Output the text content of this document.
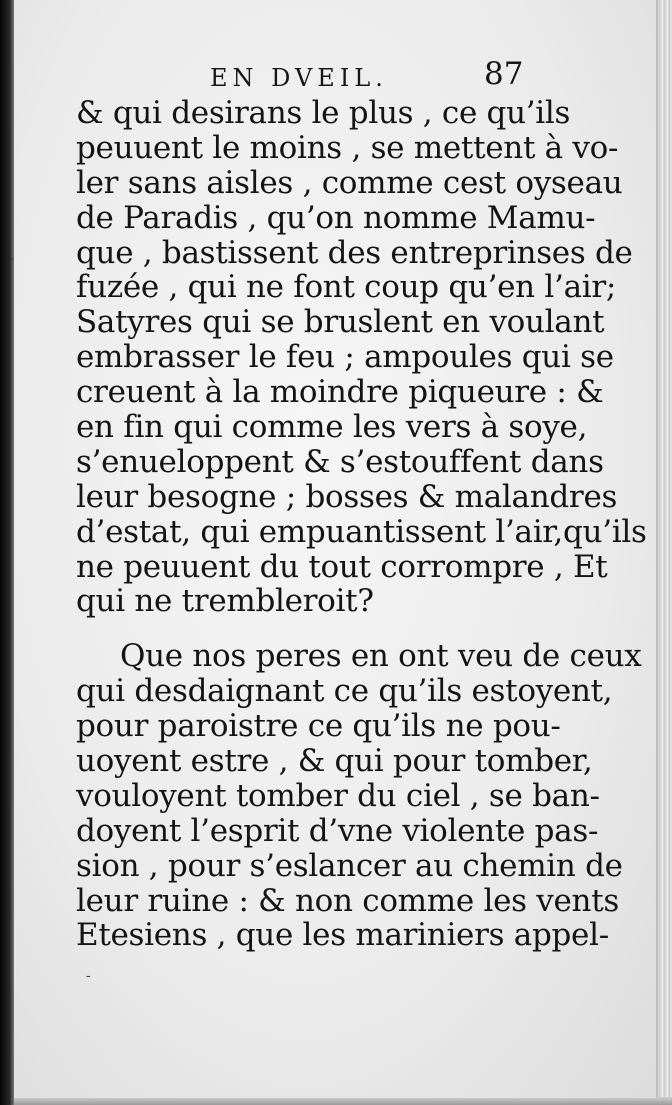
EN DVEIL.	87
& qui desirans le plus , ce qu’ils
peuuent le moins , se mettent à vo-
ler sans aisles , comme cest oyseau
de Paradis , qu’on nomme Mamu-
que , bastissent des entreprinses de
fuzée , qui ne font coup qu’en l’air;
Satyres qui se bruslent en voulant
embrasser le feu ; ampoules qui se
creuent à la moindre piqueure : &
en fin qui comme les vers à soye,
s’enueloppent & s’estouffent dans
leur besogne ; bosses & malandres
d’estat, qui empuantissent l’air,qu’ils
ne peuuent du tout corrompre , Et
qui ne trembleroit?
Que nos peres en ont veu de ceux
qui desdaignant ce qu’ils estoyent,
pour paroistre ce qu’ils ne pou-
uoyent estre , & qui pour tomber,
vouloyent tomber du ciel , se ban-
doyent l’esprit d’vne violente pas-
sion , pour s’eslancer au chemin de
leur ruine : & non comme les vents
Etesiens , que les mariniers appel-
·
-
